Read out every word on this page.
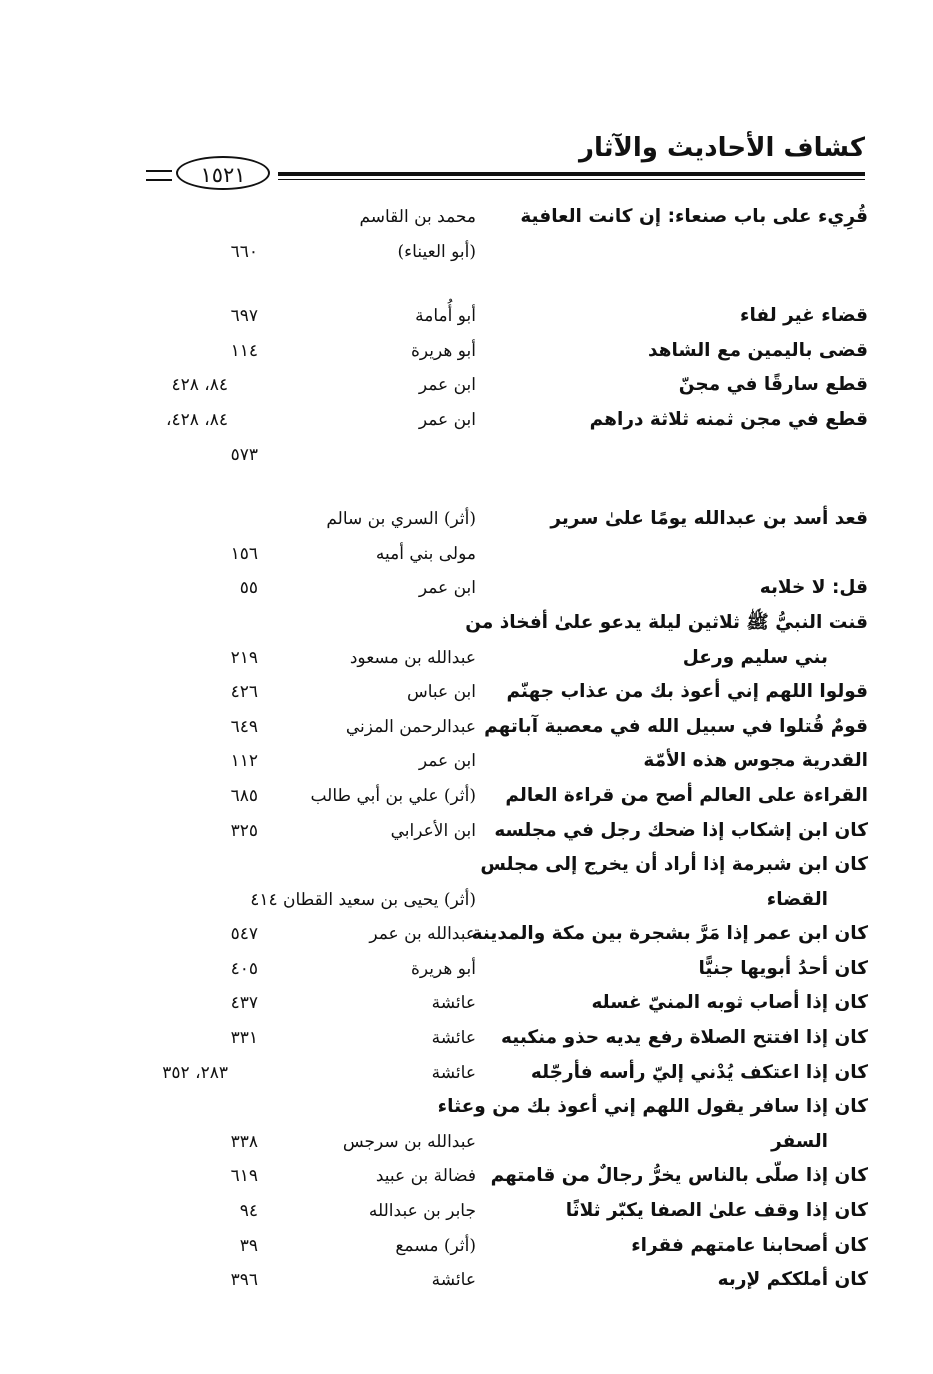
كشاف الأحاديث والآثار
١٥٢١
قُرِيء على باب صنعاء: إن كانت العافية
محمد بن القاسم
(أبو العيناء)
٦٦٠
قضاء غير لفاء
أبو أُمامة
٦٩٧
قضى باليمين مع الشاهد
أبو هريرة
١١٤
قطع سارقًا في مجنّ
ابن عمر
٨٤، ٤٢٨
قطع في مجن ثمنه ثلاثة دراهم
ابن عمر
٨٤، ٤٢٨،
٥٧٣
قعد أسد بن عبدالله يومًا علىٰ سرير
(أثر) السري بن سالم
مولى بني أميه
١٥٦
قل: لا خلابه
ابن عمر
٥٥
قنت النبيُّ ﷺ ثلاثين ليلة يدعو علىٰ أفخاذ من
بني سليم ورعل
عبدالله بن مسعود
٢١٩
قولوا اللهم إني أعوذ بك من عذاب جهنّم
ابن عباس
٤٢٦
قومٌ قُتلوا في سبيل الله في معصية آباتهم
عبدالرحمن المزني
٦٤٩
القدرية مجوس هذه الأمّة
ابن عمر
١١٢
القراءة على العالم أصح من قراءة العالم
(أثر) علي بن أبي طالب
٦٨٥
كان ابن إشكاب إذا ضحك رجل في مجلسه
ابن الأعرابي
٣٢٥
كان ابن شبرمة إذا أراد أن يخرج إلى مجلس
القضاء
(أثر) يحيى بن سعيد القطان ٤١٤
كان ابن عمر إذا مَرَّ بشجرة بين مكة والمدينة
عبدالله بن عمر
٥٤٧
كان أحدُ أبويها جنيًّا
أبو هريرة
٤٠٥
كان إذا أصاب ثوبه المنيّ غسله
عائشة
٤٣٧
كان إذا افتتح الصلاة رفع يديه حذو منكبيه
عائشة
٣٣١
كان إذا اعتكف يُدْني إليّ رأسه فأرجّله
عائشة
٢٨٣، ٣٥٢
كان إذا سافر يقول اللهم إني أعوذ بك من وعثاء
السفر
عبدالله بن سرجس
٣٣٨
كان إذا صلّى بالناس يخرُّ رجالٌ من قامتهم
فضالة بن عبيد
٦١٩
كان إذا وقف علىٰ الصفا يكبّر ثلاثًا
جابر بن عبدالله
٩٤
كان أصحابنا عامتهم فقراء
(أثر) مسمع
٣٩
كان أملككم لإربه
عائشة
٣٩٦
